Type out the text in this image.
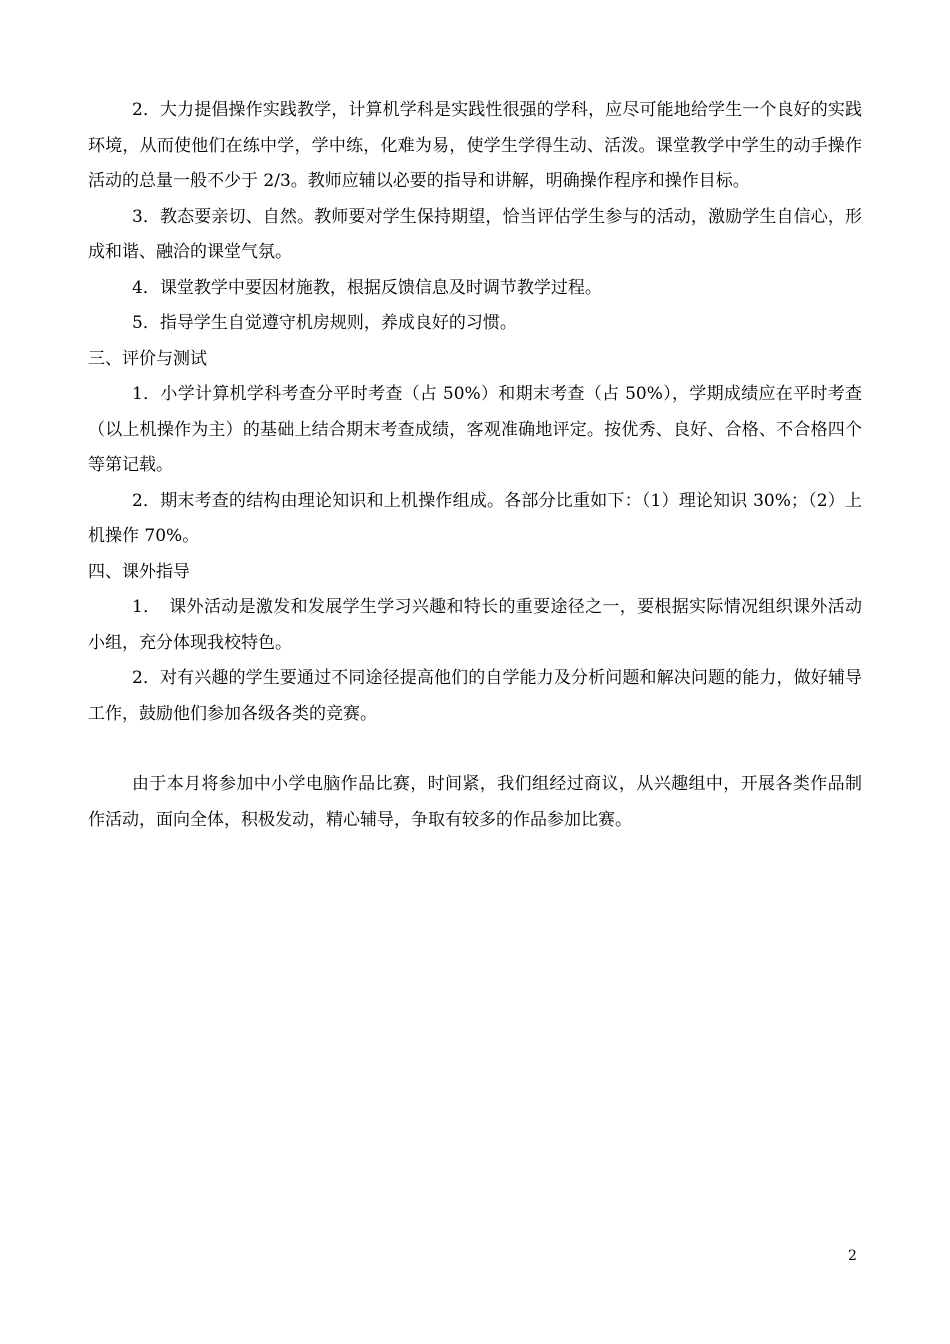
2．大力提倡操作实践教学，计算机学科是实践性很强的学科，应尽可能地给学生一个良好的实践环境，从而使他们在练中学，学中练，化难为易，使学生学得生动、活泼。课堂教学中学生的动手操作活动的总量一般不少于 2/3。教师应辅以必要的指导和讲解，明确操作程序和操作目标。

3．教态要亲切、自然。教师要对学生保持期望，恰当评估学生参与的活动，激励学生自信心，形成和谐、融洽的课堂气氛。

4．课堂教学中要因材施教，根据反馈信息及时调节教学过程。

5．指导学生自觉遵守机房规则，养成良好的习惯。

三、评价与测试

1．小学计算机学科考查分平时考查（占 50%）和期末考查（占 50%），学期成绩应在平时考查（以上机操作为主）的基础上结合期末考查成绩，客观准确地评定。按优秀、良好、合格、不合格四个等第记载。

2．期末考查的结构由理论知识和上机操作组成。各部分比重如下：（1）理论知识 30%；（2）上机操作 70%。

四、课外指导

1．　课外活动是激发和发展学生学习兴趣和特长的重要途径之一，要根据实际情况组织课外活动小组，充分体现我校特色。

2．对有兴趣的学生要通过不同途径提高他们的自学能力及分析问题和解决问题的能力，做好辅导工作，鼓励他们参加各级各类的竞赛。

由于本月将参加中小学电脑作品比赛，时间紧，我们组经过商议，从兴趣组中，开展各类作品制作活动，面向全体，积极发动，精心辅导，争取有较多的作品参加比赛。

2
